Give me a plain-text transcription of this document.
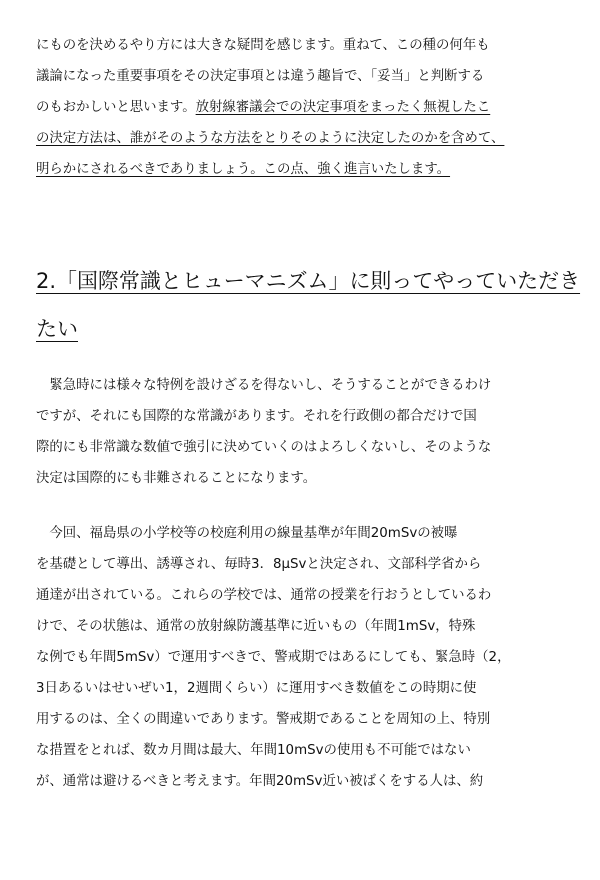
にものを決めるやり方には大きな疑問を感じます。重ねて、この種の何年も
議論になった重要事項をその決定事項とは違う趣旨で、「妥当」と判断する
のもおかしいと思います。放射線審議会での決定事項をまったく無視したこ
の決定方法は、誰がそのような方法をとりそのように決定したのかを含めて、
明らかにされるべきでありましょう。この点、強く進言いたします。
2.「国際常識とヒューマニズム」に則ってやっていただき
たい
　緊急時には様々な特例を設けざるを得ないし、そうすることができるわけ
ですが、それにも国際的な常識があります。それを行政側の都合だけで国
際的にも非常識な数値で強引に決めていくのはよろしくないし、そのような
決定は国際的にも非難されることになります。
　今回、福島県の小学校等の校庭利用の線量基準が年間20mSvの被曝
を基礎として導出、誘導され、毎時3．8μSvと決定され、文部科学省から
通達が出されている。これらの学校では、通常の授業を行おうとしているわ
けで、その状態は、通常の放射線防護基準に近いもの（年間1mSv，特殊
な例でも年間5mSv）で運用すべきで、警戒期ではあるにしても、緊急時（2，
3日あるいはせいぜい1，2週間くらい）に運用すべき数値をこの時期に使
用するのは、全くの間違いであります。警戒期であることを周知の上、特別
な措置をとれば、数カ月間は最大、年間10mSvの使用も不可能ではない
が、通常は避けるべきと考えます。年間20mSv近い被ばくをする人は、約
